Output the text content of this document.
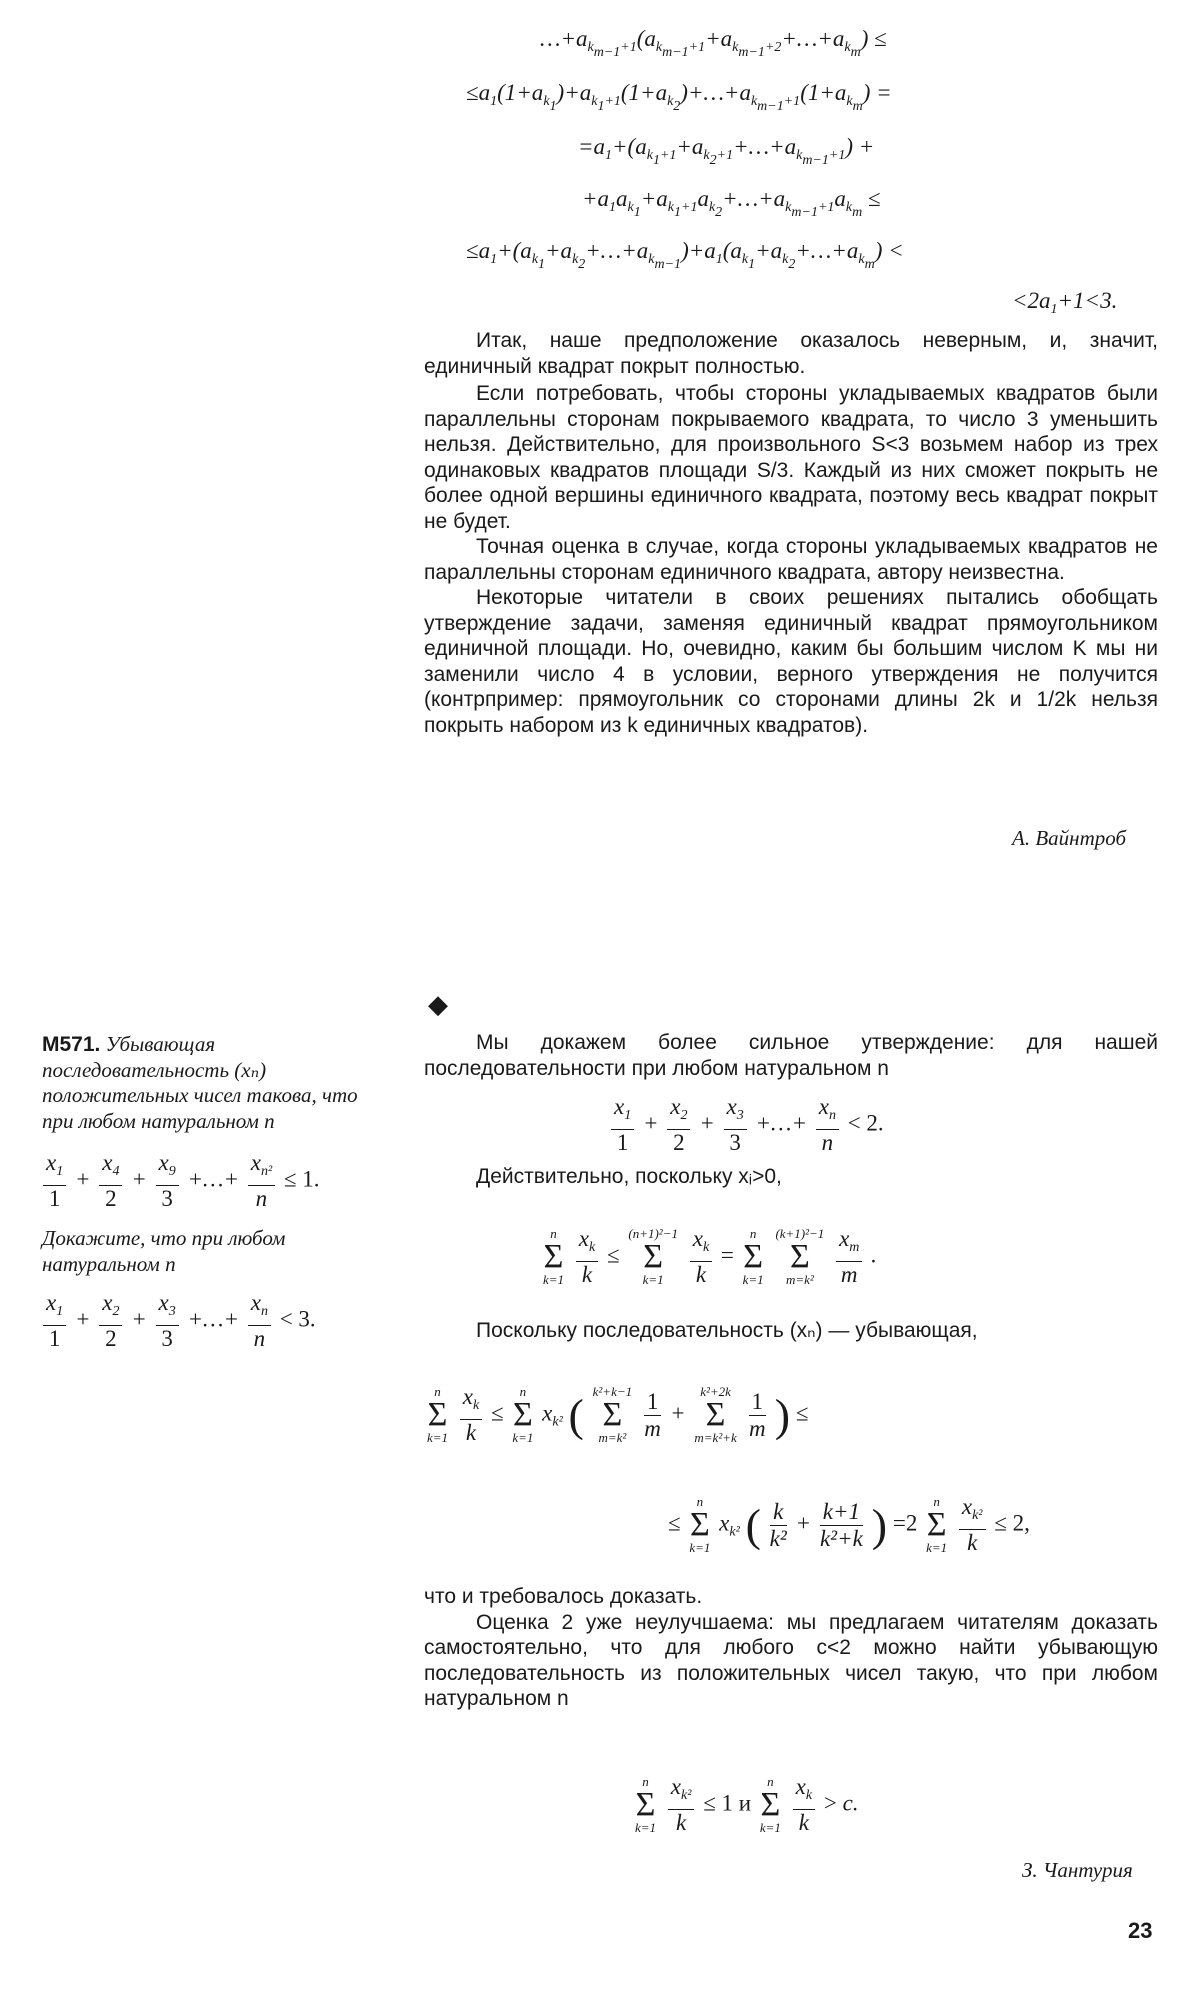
$\dots+a_{km-1+1}(a_{km-1+1}+a_{km-1+2}+\dots+a_{km})$ ≤
$\le a_1(1+a_{k1})+a_{k1+1}(1+a_{k2})+\dots+a_{km-1+1}(1+a_{km})$ =
$=a_1+(a_{k1+1}+a_{k2+1}+\dots+a_{km-1+1})$ +
$+a_1a_{k1}+a_{k1+1}a_{k2}+\dots+a_{km-1+1}a_{km}$ ≤
$\le a_1+(a_{k1}+a_{k2}+\dots+a_{km-1})+a_1(a_{k1}+a_{k2}+\dots+a_{km})$ <
$<2a_1+1<3$.

Итак, наше предположение оказалось неверным, и, значит, единичный квадрат покрыт полностью.

Если потребовать, чтобы стороны укладываемых квадратов были параллельны сторонам покрываемого квадрата, то число 3 уменьшить нельзя. Действительно, для произвольного S<3 возьмем набор из трех одинаковых квадратов площади S/3. Каждый из них сможет покрыть не более одной вершины единичного квадрата, поэтому весь квадрат покрыт не будет.

Точная оценка в случае, когда стороны укладываемых квадратов не параллельны сторонам единичного квадрата, автору неизвестна.

Некоторые читатели в своих решениях пытались обобщать утверждение задачи, заменяя единичный квадрат прямоугольником единичной площади. Но, очевидно, каким бы большим числом K мы ни заменили число 4 в условии, верного утверждения не получится (контрпример: прямоугольник со сторонами длины 2k и 1/2k нельзя покрыть набором из k единичных квадратов).

А. Вайнтроб
◆
М571. Убывающая последовательность (xₙ) положительных чисел такова, что при любом натуральном n
$\frac{x_1}{1} + \frac{x_4}{2} + \frac{x_9}{3}$ +…+ $\frac{x_{n^2}}{n} \le 1$.
Докажите, что при любом натуральном n
$\frac{x_1}{1} + \frac{x_2}{2} + \frac{x_3}{3}$ +…+ $\frac{x_n}{n} < 3$.

Мы докажем более сильное утверждение: для нашей последовательности при любом натуральном n

$\frac{x_1}{1} + \frac{x_2}{2} + \frac{x_3}{3}$ +…+ $\frac{x_n}{n} < 2$.

Действительно, поскольку xᵢ>0,

n
Σ
k=1
$\frac{x_k}{k}$ ≤
(n+1)²−1
Σ
k=1
	$\frac{x_k}{k}$ =
n
Σ
k=1

(k+1)²−1
Σ
m=k²
$\frac{x_m}{m}$ .

Поскольку последовательность (xₙ) — убывающая,

n
Σ
k=1
$\frac{x_k}{k}$ ≤
n
Σ
k=1
$x_{k^2}$ ( k²+k−1
Σ
m=k²
$\frac{1}{m}$ +
k²+2k
Σ
m=k²+k
$\frac{1}{m}$ ) ≤
≤
n
Σ
k=1
$x_{k^2}$ ( $\frac{k}{\text{k²}} + \frac{k+1}{\text{k²+k}}$ ) =2
n
Σ
k=1
$\frac{x_{k^2}}{k} \le 2$,

что и требовалось доказать.

Оценка 2 уже неулучшаема: мы предлагаем читателям доказать самостоятельно, что для любого c<2 можно найти убывающую последовательность из положительных чисел такую, что при любом натуральном n

n
Σ
k=1
$\frac{x_{k^2}}{k} \le 1$ и
n
Σ
k=1
$\frac{x_k}{k} > c$.
З. Чантурия
23
